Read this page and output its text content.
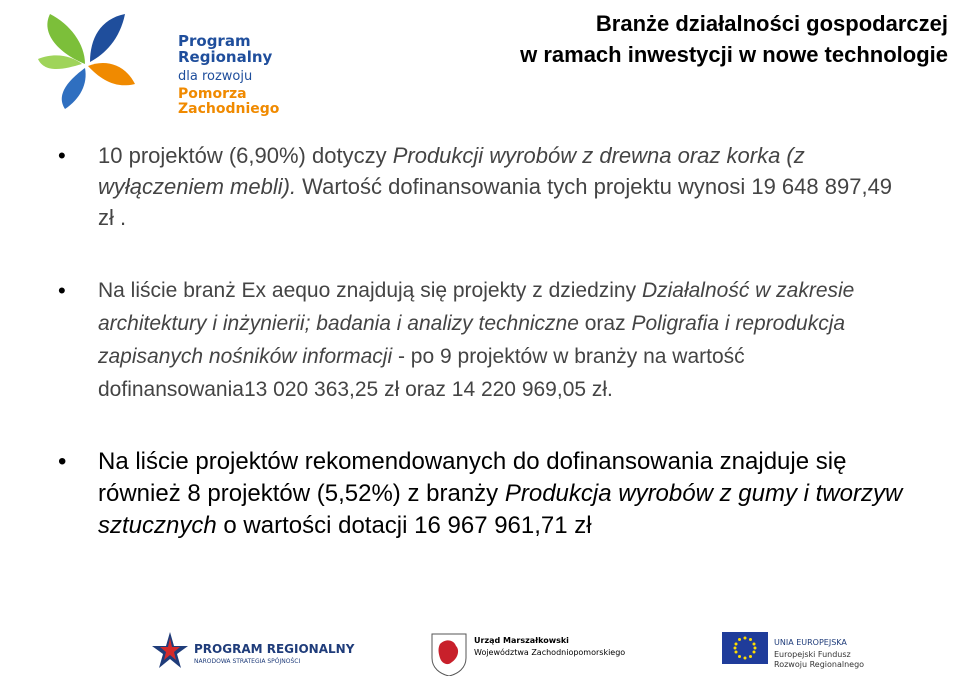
Program Regionalny
dla rozwoju
Pomorza Zachodniego
Branże działalności gospodarczej
w ramach inwestycji w nowe technologie
• 10 projektów (6,90%) dotyczy Produkcji wyrobów z drewna oraz korka (z wyłączeniem mebli). Wartość dofinansowania tych projektu wynosi 19 648 897,49 zł .
• Na liście branż Ex aequo znajdują się projekty z dziedziny Działalność w zakresie architektury i inżynierii; badania i analizy techniczne oraz Poligrafia i reprodukcja zapisanych nośników informacji - po 9 projektów w branży na wartość dofinansowania13 020 363,25 zł oraz 14 220 969,05 zł.
• Na liście projektów rekomendowanych do dofinansowania znajduje się również 8 projektów (5,52%) z branży Produkcja wyrobów z gumy i tworzyw sztucznych o wartości dotacji 16 967 961,71 zł
PROGRAM REGIONALNY
NARODOWA STRATEGIA SPÓJNOŚCI
Urząd Marszałkowski
Województwa Zachodniopomorskiego
UNIA EUROPEJSKA
Europejski Fundusz
Rozwoju Regionalnego
